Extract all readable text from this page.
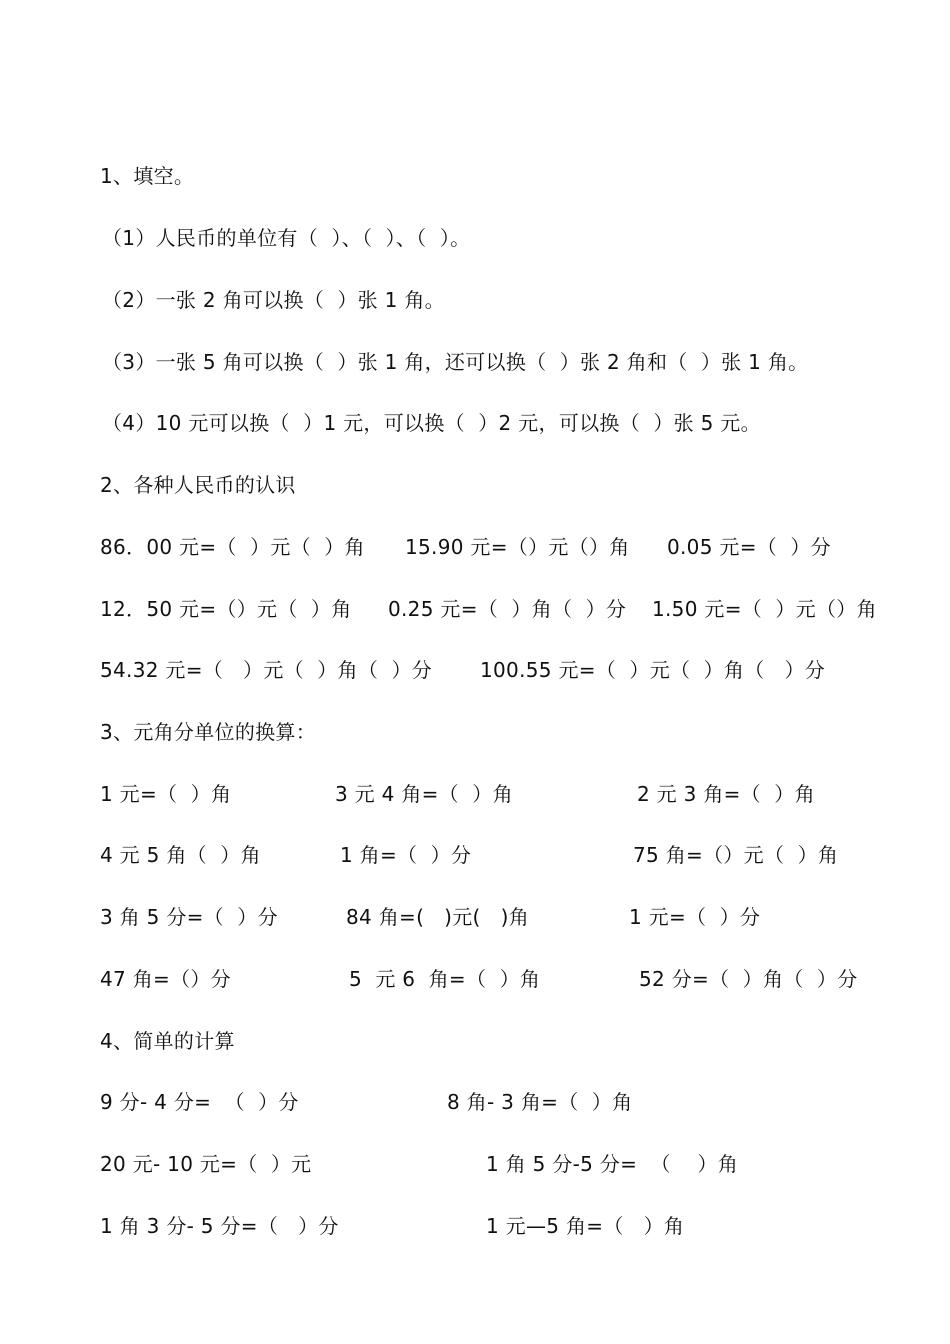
1、填空。
（1）人民币的单位有（  ）、（  ）、（  ）。
（2）一张 2 角可以换（  ）张 1 角。
（3）一张 5 角可以换（  ）张 1 角，还可以换（  ）张 2 角和（  ）张 1 角。
（4）10 元可以换（  ）1 元，可以换（  ）2 元，可以换（  ）张 5 元。
2、各种人民币的认识
86．00 元=（  ）元（  ）角 15.90 元=（）元（）角 0.05 元=（  ）分
12．50 元=（）元（  ）角 0.25 元=（  ）角（  ）分 1.50 元=（  ）元（）角
54.32 元=（   ）元（  ）角（  ）分 100.55 元=（  ）元（  ）角（   ）分
3、元角分单位的换算：
1 元=（  ）角	3 元 4 角=（  ）角	2 元 3 角=（  ）角
4 元 5 角（  ）角	1 角=（  ）分	75 角=（）元（  ）角
3 角 5 分=（  ）分	84 角=(   )元(   )角	1 元=（  ）分
47 角=（）分	5  元 6  角=（  ）角	52 分=（  ）角（  ）分
4、简单的计算
9 分- 4 分=  （  ）分	8 角- 3 角=（  ）角
20 元- 10 元=（  ）元	1 角 5 分-5 分=  （    ）角
1 角 3 分- 5 分=（   ）分	1 元—5 角=（   ）角
